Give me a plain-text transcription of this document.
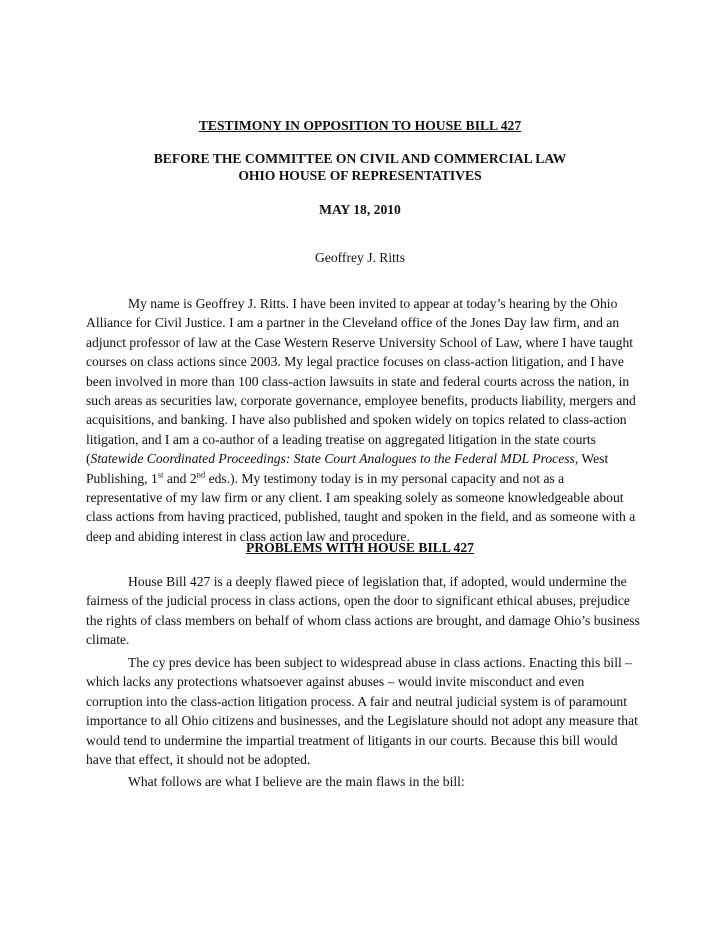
TESTIMONY IN OPPOSITION TO HOUSE BILL 427
BEFORE THE COMMITTEE ON CIVIL AND COMMERCIAL LAW
OHIO HOUSE OF REPRESENTATIVES
MAY 18, 2010
Geoffrey J. Ritts
My name is Geoffrey J. Ritts. I have been invited to appear at today’s hearing by the Ohio Alliance for Civil Justice. I am a partner in the Cleveland office of the Jones Day law firm, and an adjunct professor of law at the Case Western Reserve University School of Law, where I have taught courses on class actions since 2003. My legal practice focuses on class-action litigation, and I have been involved in more than 100 class-action lawsuits in state and federal courts across the nation, in such areas as securities law, corporate governance, employee benefits, products liability, mergers and acquisitions, and banking. I have also published and spoken widely on topics related to class-action litigation, and I am a co-author of a leading treatise on aggregated litigation in the state courts (Statewide Coordinated Proceedings: State Court Analogues to the Federal MDL Process, West Publishing, 1st and 2nd eds.). My testimony today is in my personal capacity and not as a representative of my law firm or any client. I am speaking solely as someone knowledgeable about class actions from having practiced, published, taught and spoken in the field, and as someone with a deep and abiding interest in class action law and procedure.
PROBLEMS WITH HOUSE BILL 427
House Bill 427 is a deeply flawed piece of legislation that, if adopted, would undermine the fairness of the judicial process in class actions, open the door to significant ethical abuses, prejudice the rights of class members on behalf of whom class actions are brought, and damage Ohio’s business climate.
The cy pres device has been subject to widespread abuse in class actions. Enacting this bill – which lacks any protections whatsoever against abuses – would invite misconduct and even corruption into the class-action litigation process. A fair and neutral judicial system is of paramount importance to all Ohio citizens and businesses, and the Legislature should not adopt any measure that would tend to undermine the impartial treatment of litigants in our courts. Because this bill would have that effect, it should not be adopted.
What follows are what I believe are the main flaws in the bill:
